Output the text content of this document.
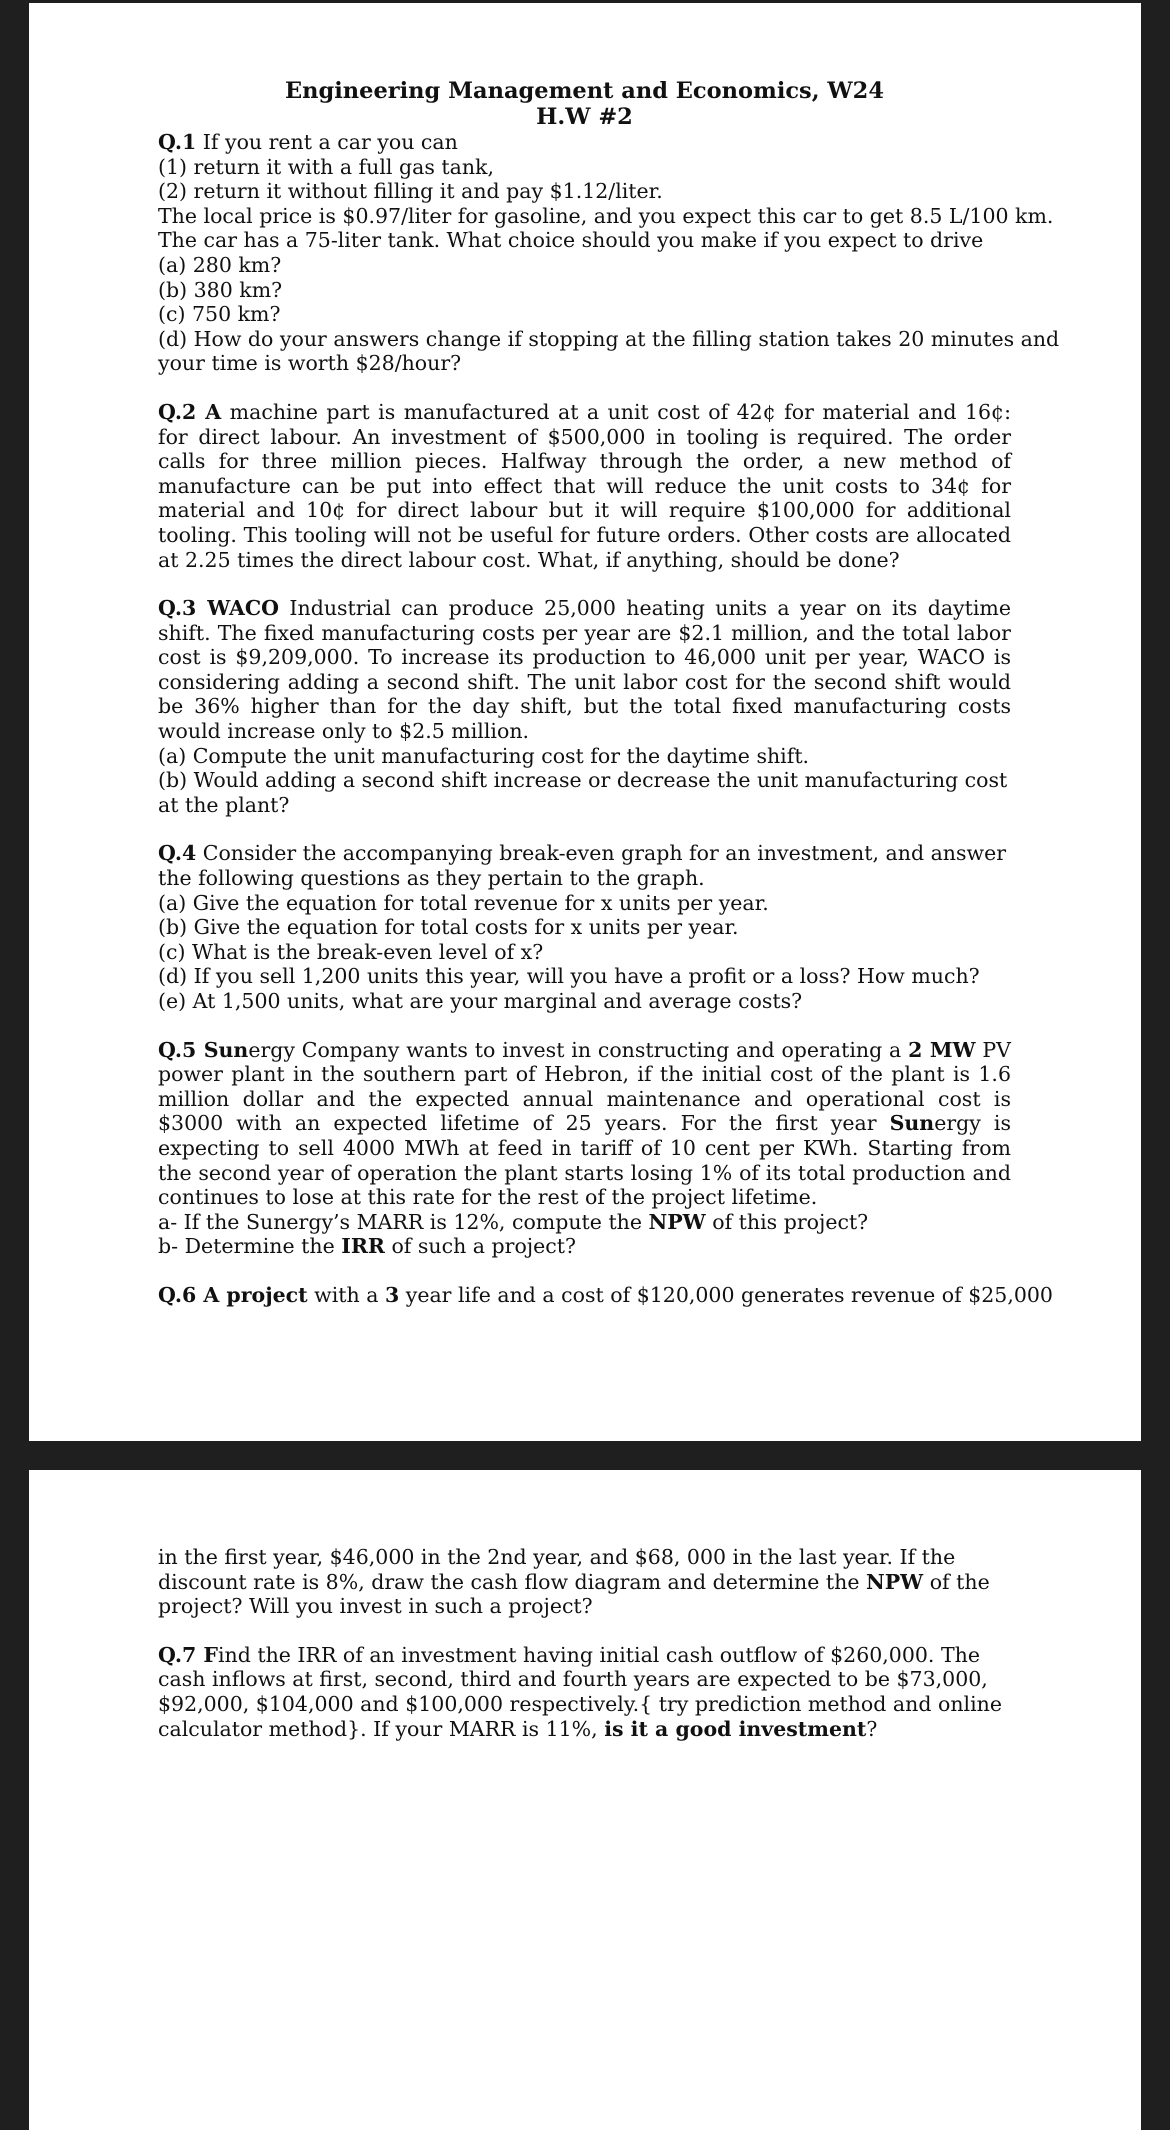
Engineering Management and Economics, W24
H.W #2
Q.1 If you rent a car you can
(1) return it with a full gas tank,
(2) return it without filling it and pay $1.12/liter.
The local price is $0.97/liter for gasoline, and you expect this car to get 8.5 L/100 km.
The car has a 75-liter tank. What choice should you make if you expect to drive
(a) 280 km?
(b) 380 km?
(c) 750 km?
(d) How do your answers change if stopping at the filling station takes 20 minutes and
your time is worth $28/hour?
Q.2 A machine part is manufactured at a unit cost of 42¢ for material and 16¢: for direct labour. An investment of $500,000 in tooling is required. The order calls for three million pieces. Halfway through the order, a new method of manufacture can be put into effect that will reduce the unit costs to 34¢ for material and 10¢ for direct labour but it will require $100,000 for additional tooling. This tooling will not be useful for future orders. Other costs are allocated at 2.25 times the direct labour cost. What, if anything, should be done?
Q.3 WACO Industrial can produce 25,000 heating units a year on its daytime shift. The fixed manufacturing costs per year are $2.1 million, and the total labor cost is $9,209,000. To increase its production to 46,000 unit per year, WACO is considering adding a second shift. The unit labor cost for the second shift would be 36% higher than for the day shift, but the total fixed manufacturing costs would increase only to $2.5 million.
(a) Compute the unit manufacturing cost for the daytime shift.
(b) Would adding a second shift increase or decrease the unit manufacturing cost at the plant?
Q.4 Consider the accompanying break-even graph for an investment, and answer the following questions as they pertain to the graph.
(a) Give the equation for total revenue for x units per year.
(b) Give the equation for total costs for x units per year.
(c) What is the break-even level of x?
(d) If you sell 1,200 units this year, will you have a profit or a loss? How much?
(e) At 1,500 units, what are your marginal and average costs?
Q.5 Sunergy Company wants to invest in constructing and operating a 2 MW PV power plant in the southern part of Hebron, if the initial cost of the plant is 1.6 million dollar and the expected annual maintenance and operational cost is $3000 with an expected lifetime of 25 years. For the first year Sunergy is expecting to sell 4000 MWh at feed in tariff of 10 cent per KWh. Starting from the second year of operation the plant starts losing 1% of its total production and continues to lose at this rate for the rest of the project lifetime.
a- If the Sunergy’s MARR is 12%, compute the NPW of this project?
b- Determine the IRR of such a project?
Q.6 A project with a 3 year life and a cost of $120,000 generates revenue of $25,000
in the first year, $46,000 in the 2nd year, and $68, 000 in the last year. If the discount rate is 8%, draw the cash flow diagram and determine the NPW of the project? Will you invest in such a project?
Q.7 Find the IRR of an investment having initial cash outflow of $260,000. The cash inflows at first, second, third and fourth years are expected to be $73,000, $92,000, $104,000 and $100,000 respectively.{ try prediction method and online calculator method}. If your MARR is 11%, is it a good investment?
